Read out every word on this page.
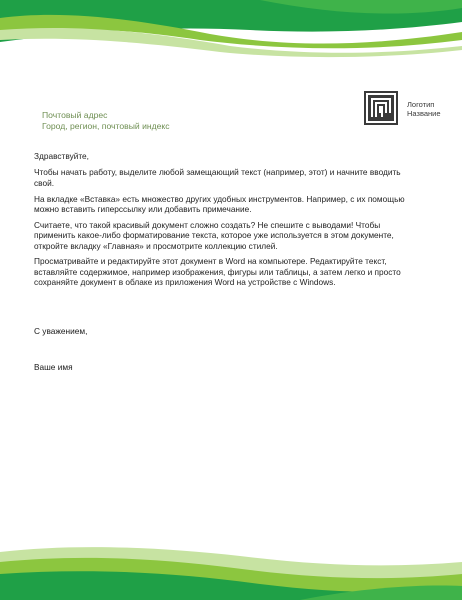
Почтовый адрес
Город, регион, почтовый индекс
Логотип
Название

Здравствуйте,

Чтобы начать работу, выделите любой замещающий текст (например, этот) и начните вводить свой.

На вкладке «Вставка» есть множество других удобных инструментов. Например, с их помощью можно вставить гиперссылку или добавить примечание.

Считаете, что такой красивый документ сложно создать? Не спешите с выводами! Чтобы применить какое-либо форматирование текста, которое уже используется в этом документе, откройте вкладку «Главная» и просмотрите коллекцию стилей.

Просматривайте и редактируйте этот документ в Word на компьютере. Редактируйте текст, вставляйте содержимое, например изображения, фигуры или таблицы, а затем легко и просто сохраняйте документ в облаке из приложения Word на устройстве с Windows.

С уважением,
Ваше имя
